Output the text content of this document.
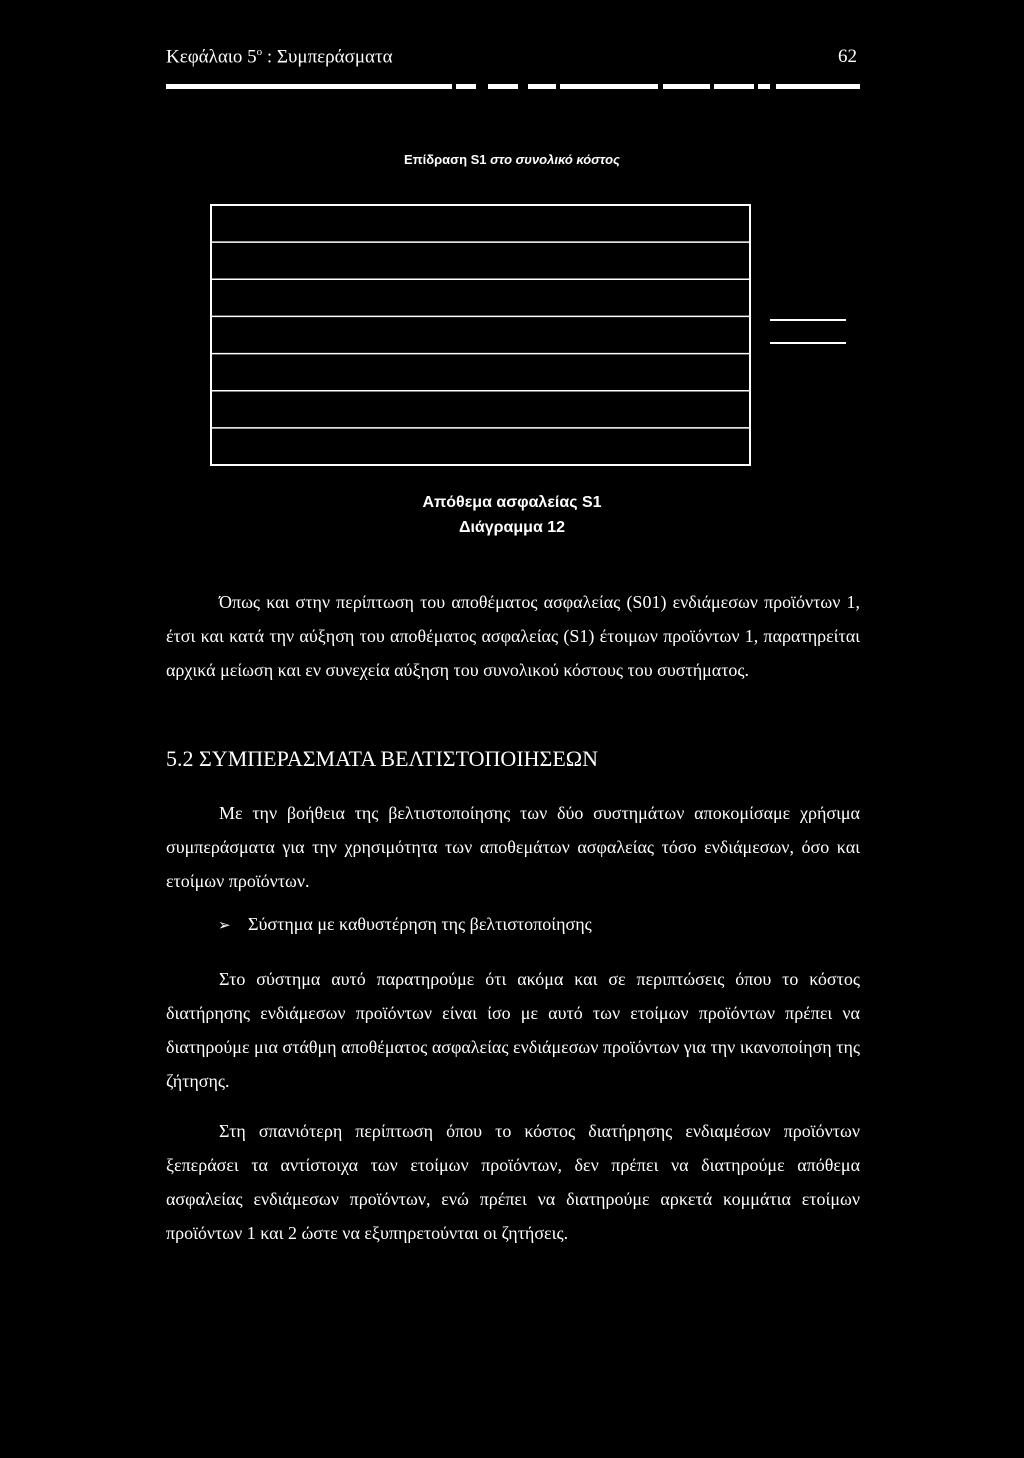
Κεφάλαιο $5^o$ : Συμπεράσματα	62
Επίδραση S1 στο συνολικό κόστος
Απόθεμα ασφαλείας S1
Διάγραμμα 12
Όπως και στην περίπτωση του αποθέματος ασφαλείας (S01) ενδιάμεσων προϊόντων 1, έτσι και κατά την αύξηση του αποθέματος ασφαλείας (S1) έτοιμων προϊόντων 1, παρατηρείται αρχικά μείωση και εν συνεχεία αύξηση του συνολικού κόστους του συστήματος.
5.2 ΣΥΜΠΕΡΑΣΜΑΤΑ ΒΕΛΤΙΣΤΟΠΟΙΗΣΕΩΝ
Με την βοήθεια της βελτιστοποίησης των δύο συστημάτων αποκομίσαμε χρήσιμα συμπεράσματα για την χρησιμότητα των αποθεμάτων ασφαλείας τόσο ενδιάμεσων, όσο και ετοίμων προϊόντων.
➢ Σύστημα με καθυστέρηση της βελτιστοποίησης
Στο σύστημα αυτό παρατηρούμε ότι ακόμα και σε περιπτώσεις όπου το κόστος διατήρησης ενδιάμεσων προϊόντων είναι ίσο με αυτό των ετοίμων προϊόντων πρέπει να διατηρούμε μια στάθμη αποθέματος ασφαλείας ενδιάμεσων προϊόντων για την ικανοποίηση της ζήτησης.
Στη σπανιότερη περίπτωση όπου το κόστος διατήρησης ενδιαμέσων προϊόντων ξεπεράσει τα αντίστοιχα των ετοίμων προϊόντων, δεν πρέπει να διατηρούμε απόθεμα ασφαλείας ενδιάμεσων προϊόντων, ενώ πρέπει να διατηρούμε αρκετά κομμάτια ετοίμων προϊόντων 1 και 2 ώστε να εξυπηρετούνται οι ζητήσεις.
